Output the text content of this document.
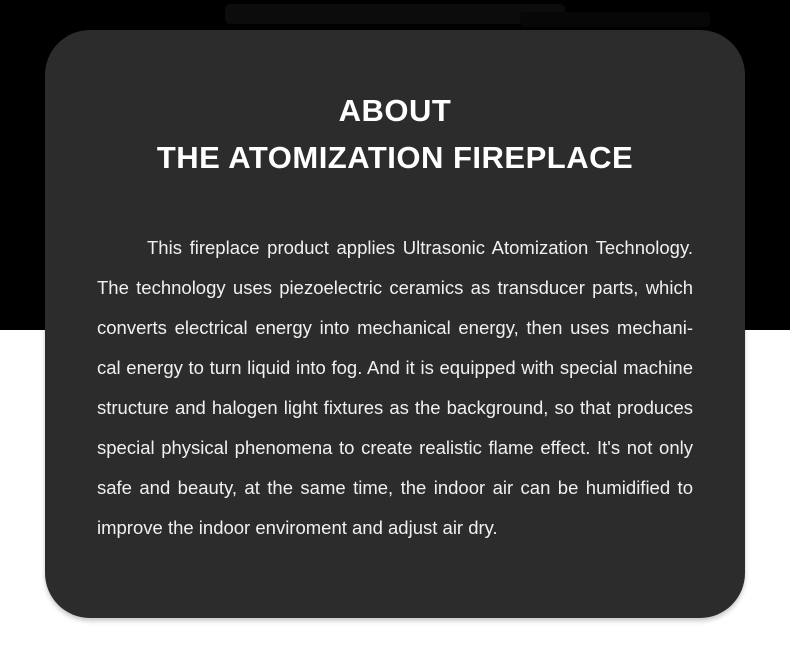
ABOUT
THE ATOMIZATION FIREPLACE
This fireplace product applies Ultrasonic Atomization Technology.
The technology uses piezoelectric ceramics as transducer parts, which
converts electrical energy into mechanical energy, then uses mechani-
cal energy to turn liquid into fog. And it is equipped with special machine
structure and halogen light fixtures as the background, so that produces
special physical phenomena to create realistic flame effect. It's not only
safe and beauty, at the same time, the indoor air can be humidified to
improve the indoor enviroment and adjust air dry.
